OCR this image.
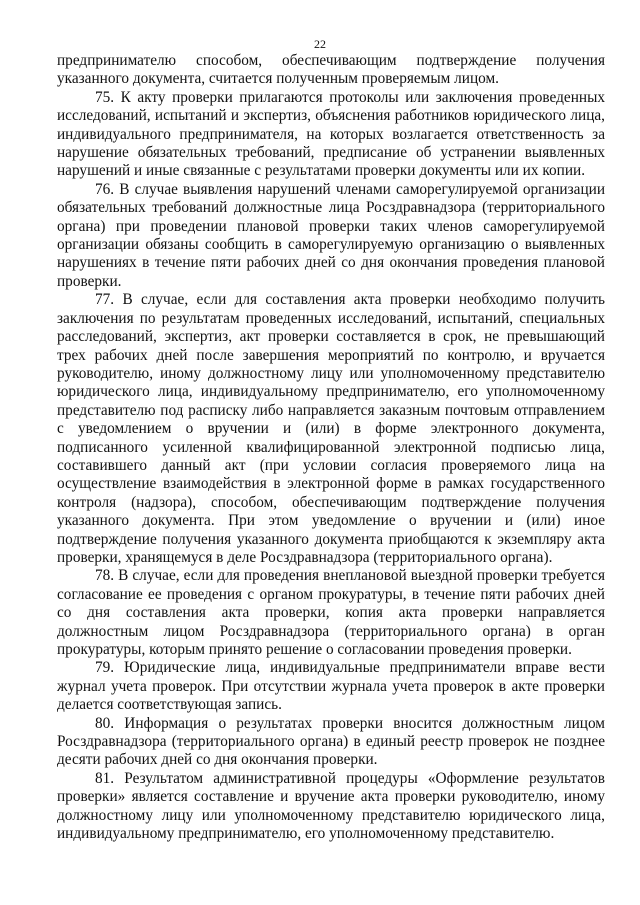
22

предпринимателю способом, обеспечивающим подтверждение получения указанного документа, считается полученным проверяемым лицом.

75. К акту проверки прилагаются протоколы или заключения проведенных исследований, испытаний и экспертиз, объяснения работников юридического лица, индивидуального предпринимателя, на которых возлагается ответственность за нарушение обязательных требований, предписание об устранении выявленных нарушений и иные связанные с результатами проверки документы или их копии.

76. В случае выявления нарушений членами саморегулируемой организации обязательных требований должностные лица Росздравнадзора (территориального органа) при проведении плановой проверки таких членов саморегулируемой организации обязаны сообщить в саморегулируемую организацию о выявленных нарушениях в течение пяти рабочих дней со дня окончания проведения плановой проверки.

77. В случае, если для составления акта проверки необходимо получить заключения по результатам проведенных исследований, испытаний, специальных расследований, экспертиз, акт проверки составляется в срок, не превышающий трех рабочих дней после завершения мероприятий по контролю, и вручается руководителю, иному должностному лицу или уполномоченному представителю юридического лица, индивидуальному предпринимателю, его уполномоченному представителю под расписку либо направляется заказным почтовым отправлением с уведомлением о вручении и (или) в форме электронного документа, подписанного усиленной квалифицированной электронной подписью лица, составившего данный акт (при условии согласия проверяемого лица на осуществление взаимодействия в электронной форме в рамках государственного контроля (надзора), способом, обеспечивающим подтверждение получения указанного документа. При этом уведомление о вручении и (или) иное подтверждение получения указанного документа приобщаются к экземпляру акта проверки, хранящемуся в деле Росздравнадзора (территориального органа).

78. В случае, если для проведения внеплановой выездной проверки требуется согласование ее проведения с органом прокуратуры, в течение пяти рабочих дней со дня составления акта проверки, копия акта проверки направляется должностным лицом Росздравнадзора (территориального органа) в орган прокуратуры, которым принято решение о согласовании проведения проверки.

79. Юридические лица, индивидуальные предприниматели вправе вести журнал учета проверок. При отсутствии журнала учета проверок в акте проверки делается соответствующая запись.

80. Информация о результатах проверки вносится должностным лицом Росздравнадзора (территориального органа) в единый реестр проверок не позднее десяти рабочих дней со дня окончания проверки.

81. Результатом административной процедуры «Оформление результатов проверки» является составление и вручение акта проверки руководителю, иному должностному лицу или уполномоченному представителю юридического лица, индивидуальному предпринимателю, его уполномоченному представителю.
